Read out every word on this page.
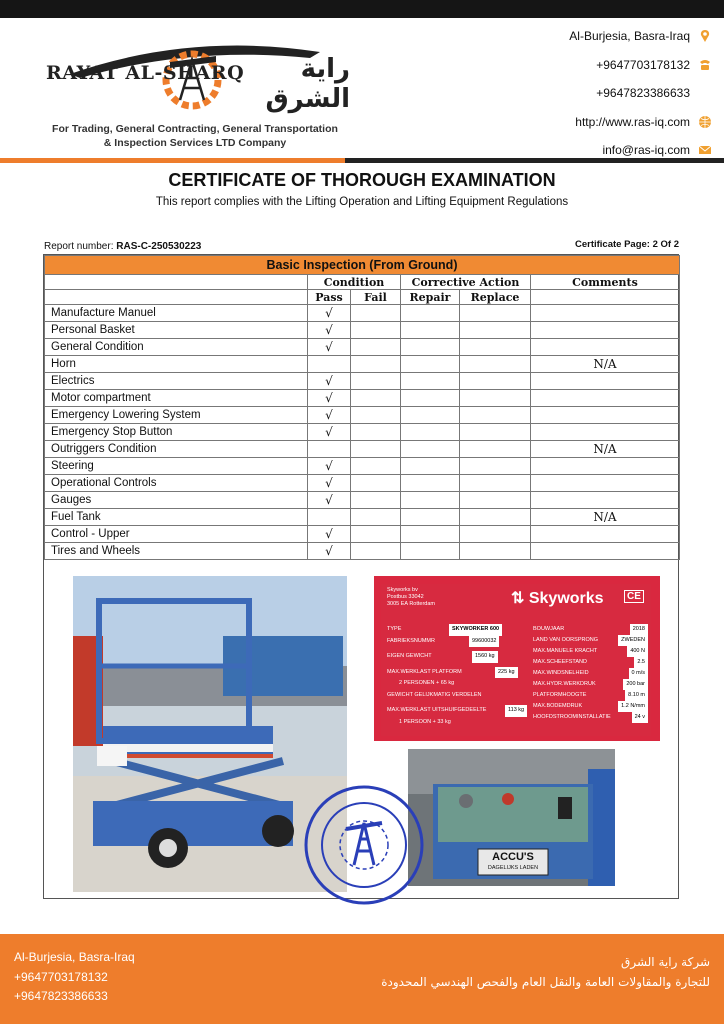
RAYAT AL-SHARQ	راية الشرق
For Trading, General Contracting, General Transportation
& Inspection Services LTD Company
Al-Burjesia, Basra-Iraq
+9647703178132
+9647823386633
http://www.ras-iq.com
info@ras-iq.com
CERTIFICATE OF THOROUGH EXAMINATION
This report complies with the Lifting Operation and Lifting Equipment Regulations
Report number: RAS-C-250530223	Certificate Page: 2 Of 2
Basic Inspection (From Ground)					
	Condition		Corrective Action		Comments
	Pass	Fail	Repair	Replace	
Manufacture Manuel	√				
Personal Basket	√				
General Condition	√				
Horn					N/A
Electrics	√				
Motor compartment	√				
Emergency Lowering System	√				
Emergency Stop Button	√				
Outriggers Condition					N/A
Steering	√				
Operational Controls	√				
Gauges	√				
Fuel Tank					N/A
Control - Upper	√				
Tires and Wheels	√				
Skyworks bv
Postbus 33042
3005 EA Rotterdam	⇅ Skyworks	CE
TYPE	SKYWORKER 600
FABRIEKSNUMMR	99600032
EIGEN GEWICHT	1560 kg
MAX.WERKLAST PLATFORM	225 kg
2 PERSONEN + 65 kg
GEWICHT GELIJKMATIG VERDELEN
MAX.WERKLAST UITSHUIFGEDEELTE	113 kg
1 PERSOON + 33 kg
BOUWJAAR	2018
LAND VAN OORSPRONG	ZWEDEN
MAX.MANUELE KRACHT	400 N
MAX.SCHEEFSTAND	2.5
MAX.WINDSNELHEID	0 m/s
MAX.HYDR.WERKDRUK	200 bar
PLATFORMHOOGTE	8.10 m
MAX.BODEMDRUK	1.2 N/mm
HOOFDSTROOMINSTALLATIE	24 v
ACCU'S
DAGELIJKS LADEN
Al-Burjesia, Basra-Iraq
+9647703178132
+9647823386633
شركة راية الشرق
للتجارة والمقاولات العامة والنقل العام والفحص الهندسي المحدودة
